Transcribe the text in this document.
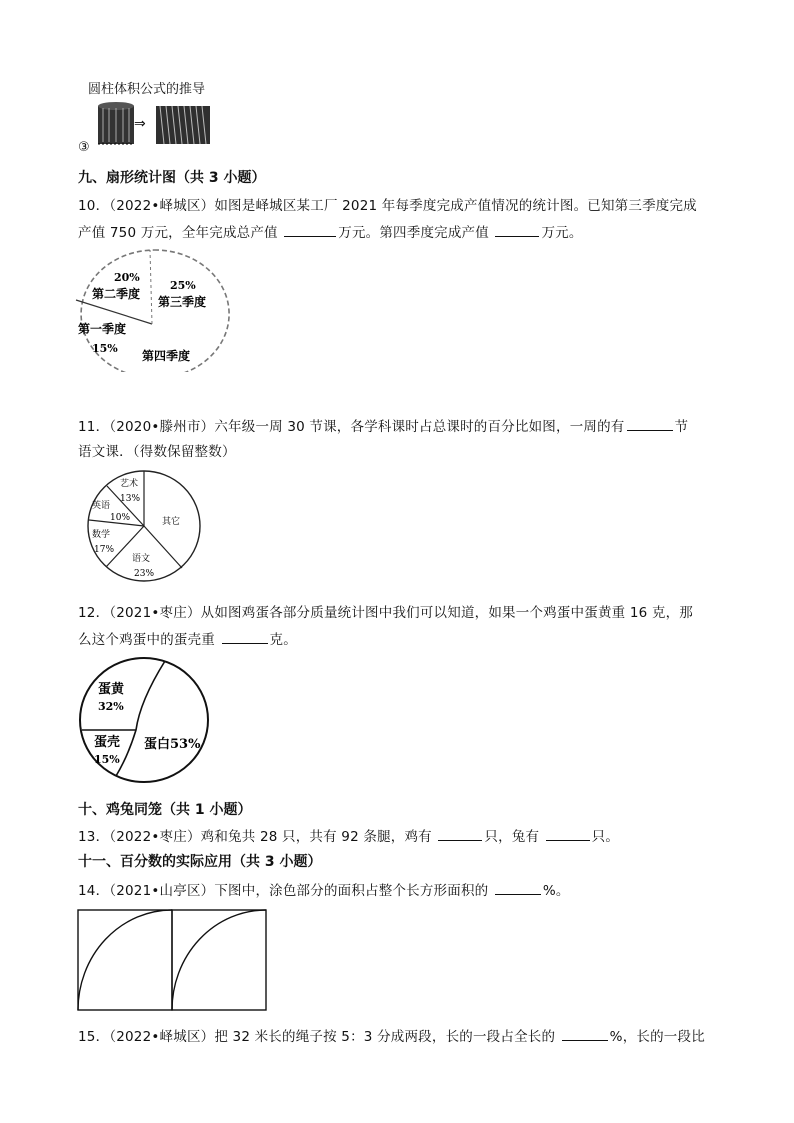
圆柱体积公式的推导
⇒
③
九、扇形统计图（共 3 小题）
10．（2022•峄城区）如图是峄城区某工厂 2021 年每季度完成产值情况的统计图。已知第三季度完成
产值 750 万元，全年完成总产值	万元。第四季度完成产值	万元。
20%
第二季度
25%
第三季度
第一季度
15%
第四季度
11．（2020•滕州市）六年级一周 30 节课，各学科课时占总课时的百分比如图，一周的有	节
语文课．（得数保留整数）
艺术
13%
英语
10%
数学
17%
语文
23%
其它
12．（2021•枣庄）从如图鸡蛋各部分质量统计图中我们可以知道，如果一个鸡蛋中蛋黄重 16 克，那
么这个鸡蛋中的蛋壳重	克。
蛋黄
32%
蛋壳
15%
蛋白53%
十、鸡兔同笼（共 1 小题）
13．（2022•枣庄）鸡和兔共 28 只，共有 92 条腿，鸡有	只，兔有	只。
十一、百分数的实际应用（共 3 小题）
14．（2021•山亭区）下图中，涂色部分的面积占整个长方形面积的	%。
15．（2022•峄城区）把 32 米长的绳子按 5：3 分成两段，长的一段占全长的	%，长的一段比
